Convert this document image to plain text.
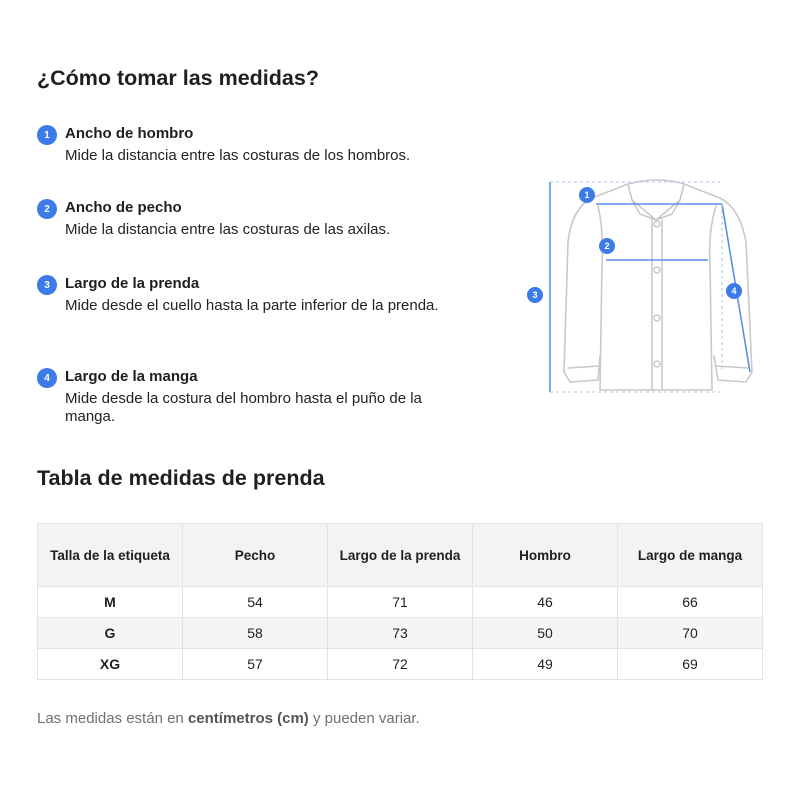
¿Cómo tomar las medidas?
1	Ancho de hombro
Mide la distancia entre las costuras de los hombros.
2	Ancho de pecho
Mide la distancia entre las costuras de las axilas.
3	Largo de la prenda
Mide desde el cuello hasta la parte inferior de la prenda.
4	Largo de la manga
Mide desde la costura del hombro hasta el puño de la manga.
1
2
3	4
Tabla de medidas de prenda
Talla de la etiqueta	Pecho	Largo de la prenda	Hombro	Largo de manga
M	54	71	46	66
G	58	73	50	70
XG	57	72	49	69

Las medidas están en centímetros (cm) y pueden variar.
